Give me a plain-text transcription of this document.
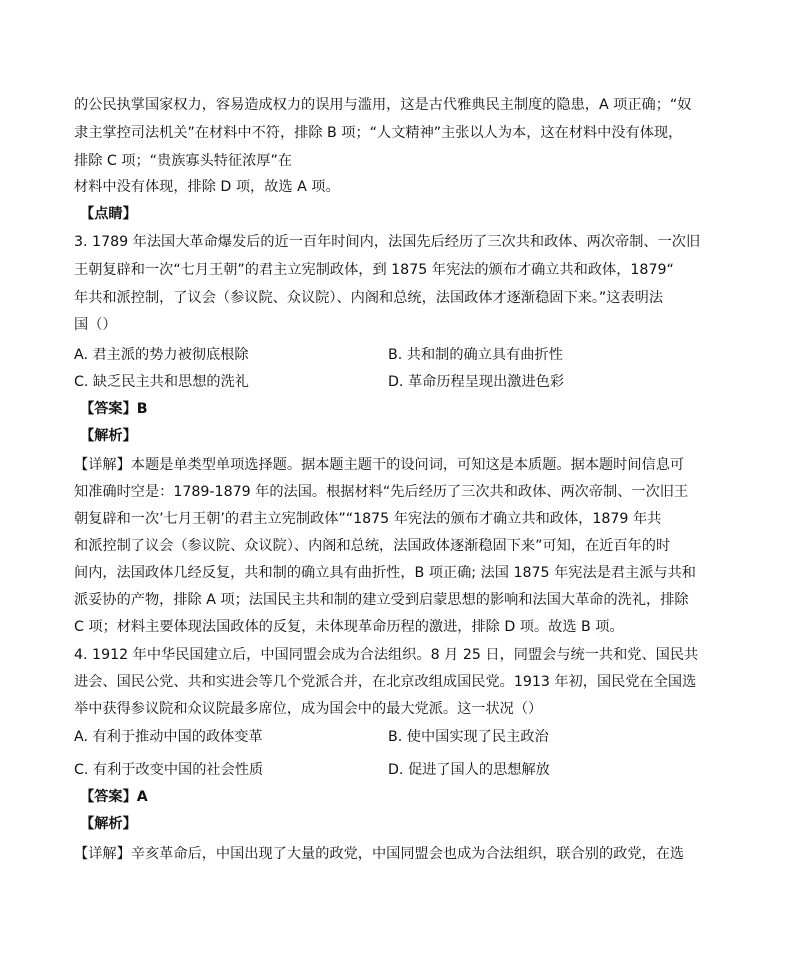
的公民执掌国家权力，容易造成权力的误用与滥用，这是古代雅典民主制度的隐患，A 项正确；“奴
隶主掌控司法机关”在材料中不符，排除 B 项；“人文精神”主张以人为本，这在材料中没有体现，
排除 C 项；“贵族寡头特征浓厚”在
材料中没有体现，排除 D 项，故选 A 项。
【点睛】
3. 1789 年法国大革命爆发后的近一百年时间内，法国先后经历了三次共和政体、两次帝制、一次旧
王朝复辟和一次“七月王朝”的君主立宪制政体，到 1875 年宪法的颁布才确立共和政体，1879“
年共和派控制，了议会（参议院、众议院）、内阁和总统，法国政体才逐渐稳固下来。”这表明法
国（）
A. 君主派的势力被彻底根除	B. 共和制的确立具有曲折性
C. 缺乏民主共和思想的洗礼	D. 革命历程呈现出激进色彩
【答案】B
【解析】
【详解】本题是单类型单项选择题。据本题主题干的设问词，可知这是本质题。据本题时间信息可
知准确时空是：1789-1879 年的法国。根据材料“先后经历了三次共和政体、两次帝制、一次旧王
朝复辟和一次’七月王朝’的君主立宪制政体”“1875 年宪法的颁布才确立共和政体，1879 年共
和派控制了议会（参议院、众议院）、内阁和总统，法国政体逐渐稳固下来”可知，在近百年的时
间内，法国政体几经反复，共和制的确立具有曲折性，B 项正确; 法国 1875 年宪法是君主派与共和
派妥协的产物，排除 A 项；法国民主共和制的建立受到启蒙思想的影响和法国大革命的洗礼，排除
C 项；材料主要体现法国政体的反复，未体现革命历程的激进，排除 D 项。故选 B 项。
4. 1912 年中华民国建立后，中国同盟会成为合法组织。8 月 25 日，同盟会与统一共和党、国民共
进会、国民公党、共和实进会等几个党派合并，在北京改组成国民党。1913 年初，国民党在全国选
举中获得参议院和众议院最多席位，成为国会中的最大党派。这一状况（）
A. 有利于推动中国的政体变革	B. 使中国实现了民主政治
C. 有利于改变中国的社会性质	D. 促进了国人的思想解放
【答案】A
【解析】
【详解】辛亥革命后，中国出现了大量的政党，中国同盟会也成为合法组织，联合别的政党，在选
